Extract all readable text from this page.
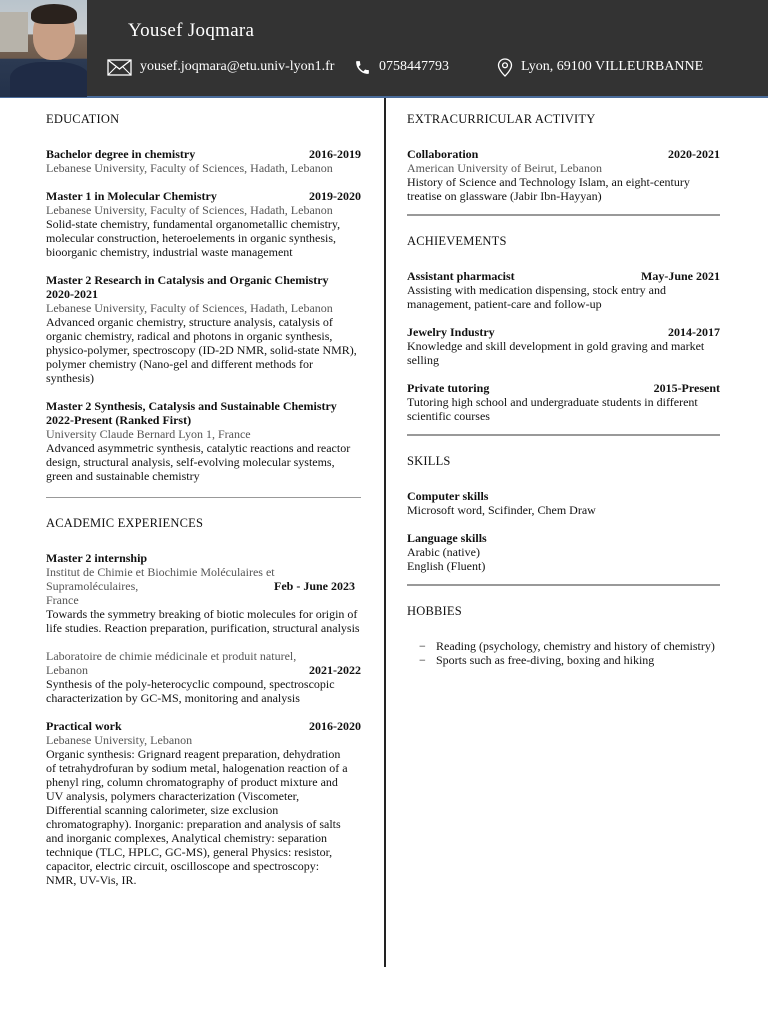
Yousef Joqmara
yousef.joqmara@etu.univ-lyon1.fr	0758447793	Lyon, 69100 VILLEURBANNE
EDUCATION
Bachelor degree in chemistry	2016-2019
Lebanese University, Faculty of Sciences, Hadath, Lebanon
Master 1 in Molecular Chemistry	2019-2020
Lebanese University, Faculty of Sciences, Hadath, Lebanon
Solid-state chemistry, fundamental organometallic chemistry, molecular construction, heteroelements in organic synthesis, bioorganic chemistry, industrial waste management
Master 2 Research in Catalysis and Organic Chemistry
2020-2021
Lebanese University, Faculty of Sciences, Hadath, Lebanon
Advanced organic chemistry, structure analysis, catalysis of organic chemistry, radical and photons in organic synthesis, physico-polymer, spectroscopy (ID-2D NMR, solid-state NMR), polymer chemistry (Nano-gel and different methods for synthesis)
Master 2 Synthesis, Catalysis and Sustainable Chemistry
2022-Present (Ranked First)
University Claude Bernard Lyon 1, France
Advanced asymmetric synthesis, catalytic reactions and reactor design, structural analysis, self-evolving molecular systems, green and sustainable chemistry
ACADEMIC EXPERIENCES
Master 2 internship
Institut de Chimie et Biochimie Moléculaires et
Supramoléculaires,	Feb - June 2023
France
Towards the symmetry breaking of biotic molecules for origin of life studies. Reaction preparation, purification, structural analysis
Laboratoire de chimie médicinale et produit naturel,
Lebanon	2021-2022
Synthesis of the poly-heterocyclic compound, spectroscopic characterization by GC-MS, monitoring and analysis
Practical work	2016-2020
Lebanese University, Lebanon
Organic synthesis: Grignard reagent preparation, dehydration of tetrahydrofuran by sodium metal, halogenation reaction of a phenyl ring, column chromatography of product mixture and UV analysis, polymers characterization (Viscometer, Differential scanning calorimeter, size exclusion chromatography). Inorganic: preparation and analysis of salts and inorganic complexes, Analytical chemistry: separation technique (TLC, HPLC, GC-MS), general Physics: resistor, capacitor, electric circuit, oscilloscope and spectroscopy: NMR, UV-Vis, IR.
EXTRACURRICULAR ACTIVITY
Collaboration	2020-2021
American University of Beirut, Lebanon
History of Science and Technology Islam, an eight-century treatise on glassware (Jabir Ibn-Hayyan)
ACHIEVEMENTS
Assistant pharmacist	May-June 2021
Assisting with medication dispensing, stock entry and management, patient-care and follow-up
Jewelry Industry	2014-2017
Knowledge and skill development in gold graving and market selling
Private tutoring	2015-Present
Tutoring high school and undergraduate students in different scientific courses
SKILLS
Computer skills
Microsoft word, Scifinder, Chem Draw
Language skills
Arabic (native)
English (Fluent)
HOBBIES
− Reading (psychology, chemistry and history of chemistry)
− Sports such as free-diving, boxing and hiking
